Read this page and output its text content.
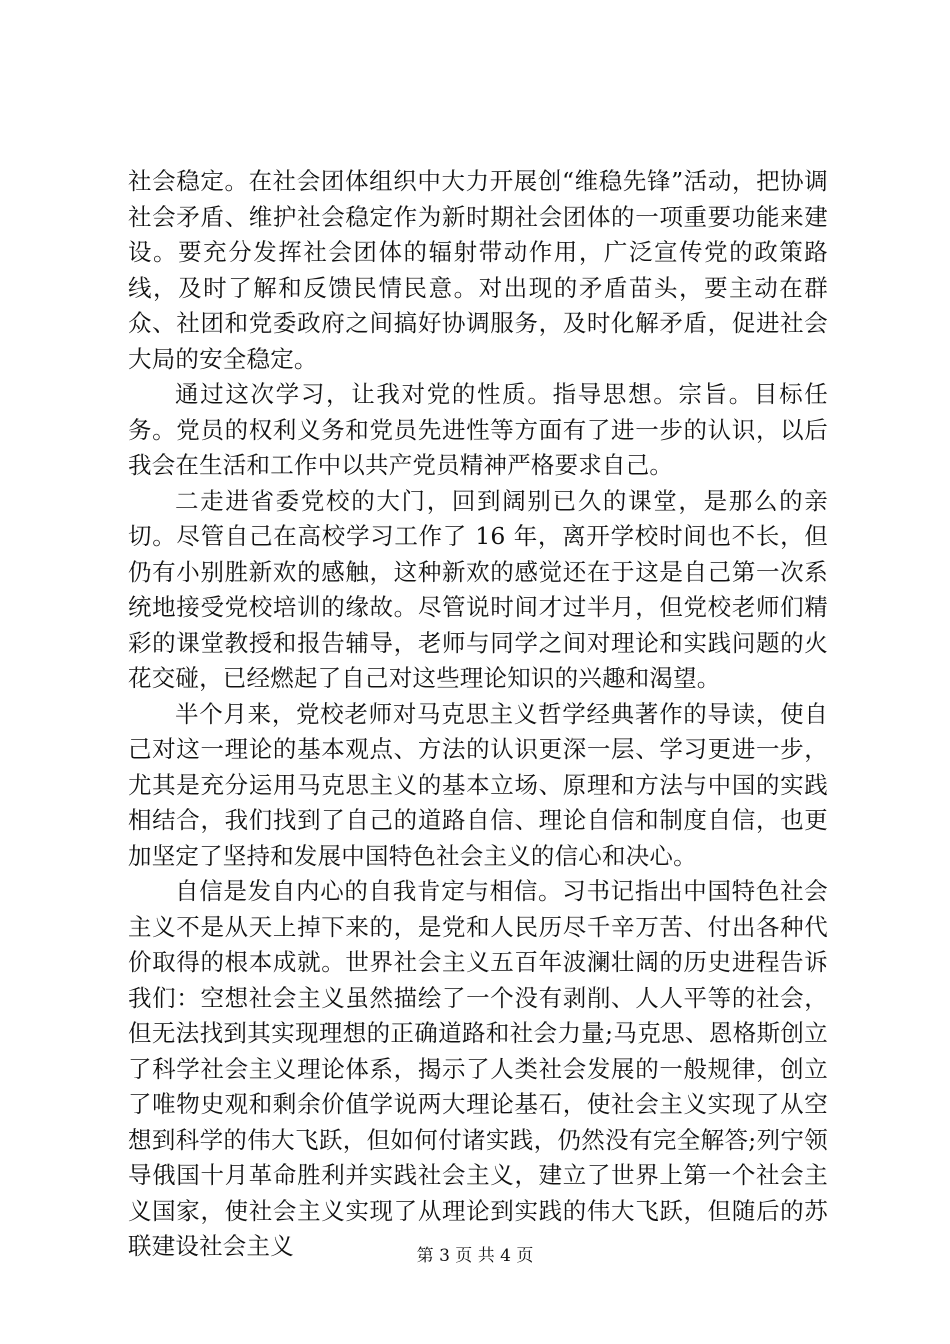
社会稳定。在社会团体组织中大力开展创“维稳先锋”活动，把协调社会矛盾、维护社会稳定作为新时期社会团体的一项重要功能来建设。要充分发挥社会团体的辐射带动作用，广泛宣传党的政策路线，及时了解和反馈民情民意。对出现的矛盾苗头，要主动在群众、社团和党委政府之间搞好协调服务，及时化解矛盾，促进社会大局的安全稳定。

通过这次学习，让我对党的性质。指导思想。宗旨。目标任务。党员的权利义务和党员先进性等方面有了进一步的认识，以后我会在生活和工作中以共产党员精神严格要求自己。

二走进省委党校的大门，回到阔别已久的课堂，是那么的亲切。尽管自己在高校学习工作了 16 年，离开学校时间也不长，但仍有小别胜新欢的感触，这种新欢的感觉还在于这是自己第一次系统地接受党校培训的缘故。尽管说时间才过半月，但党校老师们精彩的课堂教授和报告辅导，老师与同学之间对理论和实践问题的火花交碰，已经燃起了自己对这些理论知识的兴趣和渴望。

半个月来，党校老师对马克思主义哲学经典著作的导读，使自己对这一理论的基本观点、方法的认识更深一层、学习更进一步，尤其是充分运用马克思主义的基本立场、原理和方法与中国的实践相结合，我们找到了自己的道路自信、理论自信和制度自信，也更加坚定了坚持和发展中国特色社会主义的信心和决心。

自信是发自内心的自我肯定与相信。习书记指出中国特色社会主义不是从天上掉下来的，是党和人民历尽千辛万苦、付出各种代价取得的根本成就。世界社会主义五百年波澜壮阔的历史进程告诉我们：空想社会主义虽然描绘了一个没有剥削、人人平等的社会，但无法找到其实现理想的正确道路和社会力量;马克思、恩格斯创立了科学社会主义理论体系，揭示了人类社会发展的一般规律，创立了唯物史观和剩余价值学说两大理论基石，使社会主义实现了从空想到科学的伟大飞跃，但如何付诸实践，仍然没有完全解答;列宁领导俄国十月革命胜利并实践社会主义，建立了世界上第一个社会主义国家，使社会主义实现了从理论到实践的伟大飞跃，但随后的苏联建设社会主义	第 3 页 共 4 页
